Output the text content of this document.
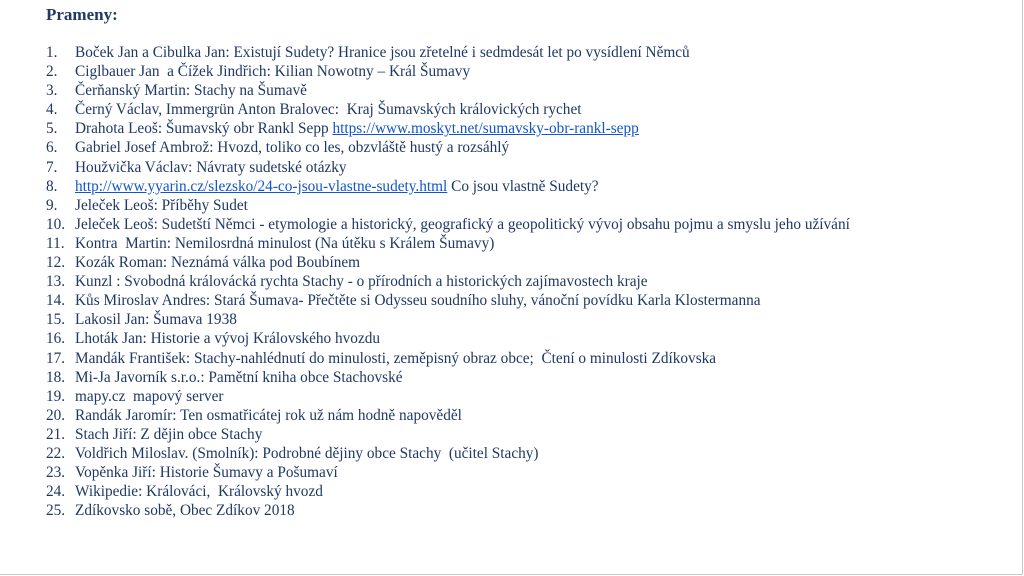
Prameny:
1.	Boček Jan a Cibulka Jan: Existují Sudety? Hranice jsou zřetelné i sedmdesát let po vysídlení Němců
2.	Ciglbauer Jan  a Čížek Jindřich: Kilian Nowotny – Král Šumavy
3.	Čerňanský Martin: Stachy na Šumavě
4.	Černý Václav, Immergrün Anton Bralovec:  Kraj Šumavských královických rychet
5.	Drahota Leoš: Šumavský obr Rankl Sepp https://www.moskyt.net/sumavsky-obr-rankl-sepp
6.	Gabriel Josef Ambrož: Hvozd, toliko co les, obzvláště hustý a rozsáhlý
7.	Houžvička Václav: Návraty sudetské otázky
8.	http://www.yyarin.cz/slezsko/24-co-jsou-vlastne-sudety.html Co jsou vlastně Sudety?
9.	Jeleček Leoš: Příběhy Sudet
10. Jeleček Leoš: Sudetští Němci - etymologie a historický, geografický a geopolitický vývoj obsahu pojmu a smyslu jeho užívání
11. Kontra  Martin: Nemilosrdná minulost (Na útěku s Králem Šumavy)
12. Kozák Roman: Neznámá válka pod Boubínem
13. Kunzl : Svobodná královácká rychta Stachy - o přírodních a historických zajímavostech kraje
14. Kůs Miroslav Andres: Stará Šumava- Přečtěte si Odysseu soudního sluhy, vánoční povídku Karla Klostermanna
15. Lakosil Jan: Šumava 1938
16. Lhoták Jan: Historie a vývoj Královského hvozdu
17. Mandák František: Stachy-nahlédnutí do minulosti, zeměpisný obraz obce;  Čtení o minulosti Zdíkovska
18. Mi-Ja Javorník s.r.o.: Pamětní kniha obce Stachovské
19. mapy.cz  mapový server
20. Randák Jaromír: Ten osmatřicátej rok už nám hodně napověděl
21. Stach Jiří: Z dějin obce Stachy
22. Voldřich Miloslav. (Smolník): Podrobné dějiny obce Stachy  (učitel Stachy)
23. Vopěnka Jiří: Historie Šumavy a Pošumaví
24. Wikipedie: Králováci,  Královský hvozd
25. Zdíkovsko sobě, Obec Zdíkov 2018
